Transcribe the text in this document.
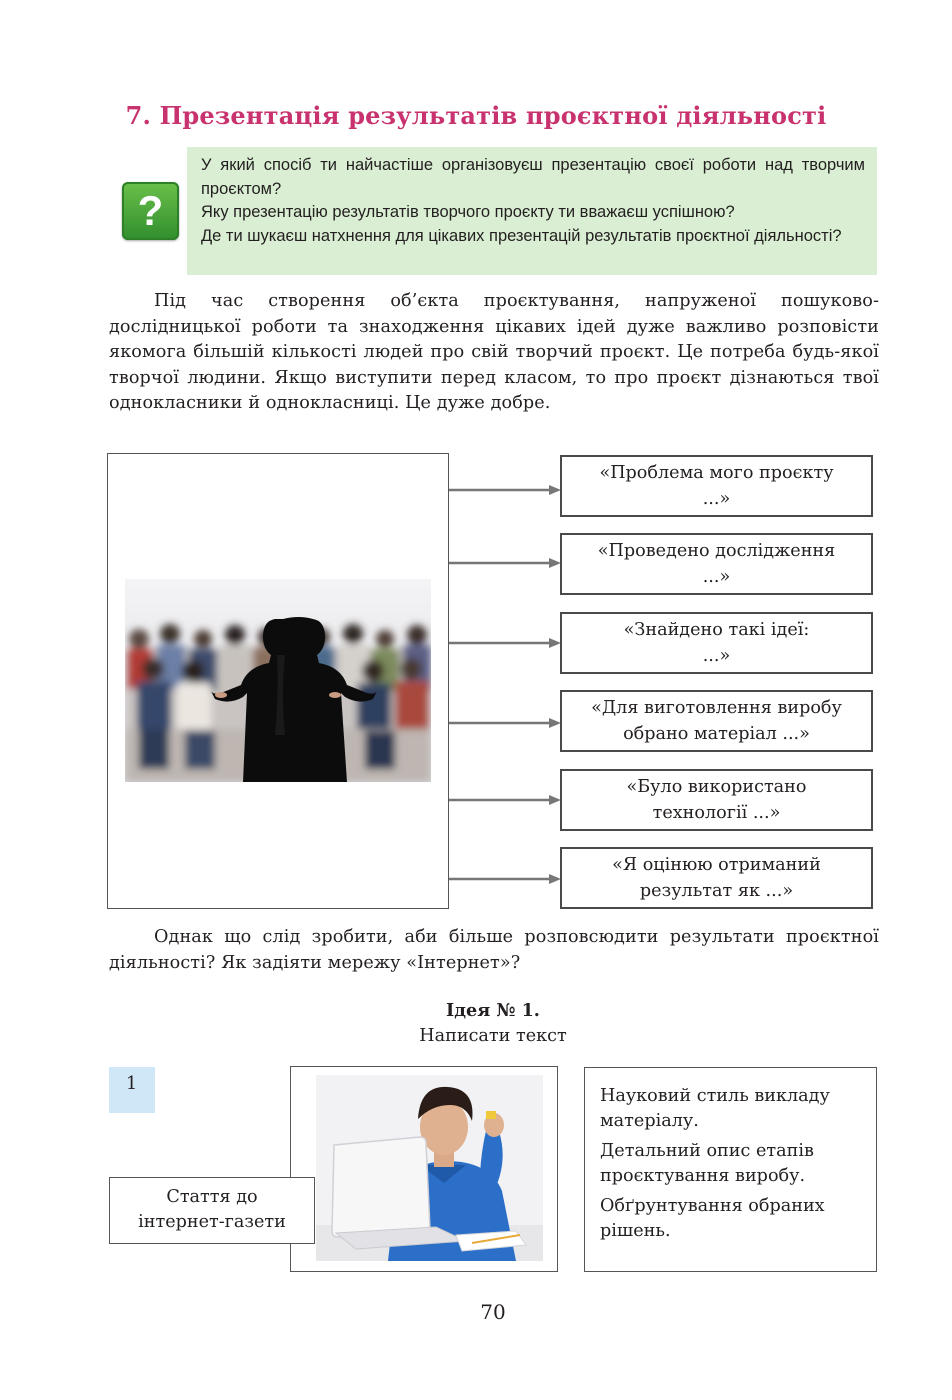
7. Презентація результатів проєктної діяльності
?

У який спосіб ти найчастіше організовуєш презентацію своєї роботи над творчим проєктом?

Яку презентацію результатів творчого проєкту ти вважаєш успішною?

Де ти шукаєш натхнення для цікавих презентацій результатів проєктної діяльності?

Під час створення об’єкта проєктування, напруженої пошуково-дослідницької роботи та знаходження цікавих ідей дуже важливо розповісти якомога більшій кількості людей про свій творчий проєкт. Це потреба будь-якої творчої людини. Якщо виступити перед класом, то про проєкт дізнаються твої однокласники й однокласниці. Це дуже добре.

«Проблема мого проєкту
...»
«Проведено дослідження
...»
«Знайдено такі ідеї:
...»
«Для виготовлення виробу
обрано матеріал ...»
«Було використано
технології ...»
«Я оцінюю отриманий
результат як ...»

Однак що слід зробити, аби більше розповсюдити результати проєктної діяльності? Як задіяти мережу «Інтернет»?

Ідея № 1.
Написати текст
1
Стаття до
інтернет-газети

Науковий стиль викладу матеріалу.

Детальний опис етапів проєктування виробу.

Обґрунтування обраних рішень.

70
